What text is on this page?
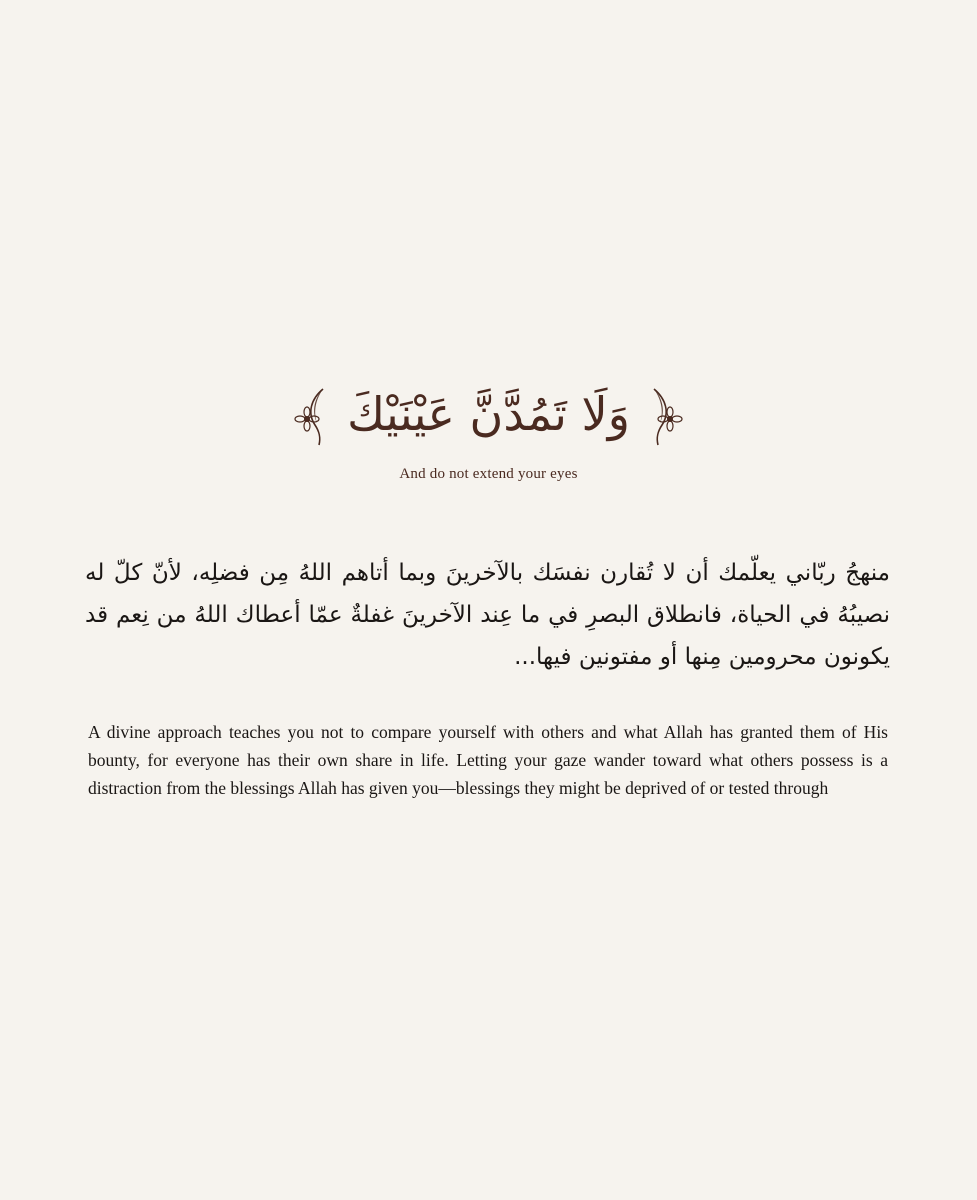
وَلَا تَمُدَّنَّ عَيْنَيْكَ
And do not extend your eyes

منهجُ ربّاني يعلّمك أن لا تُقارن نفسَك بالآخرينَ وبما أتاهم اللهُ مِن فضلِه، لأنّ كلّ له نصيبُهُ في الحياة، فانطلاق البصرِ في ما عِند الآخرينَ غفلةٌ عمّا أعطاك اللهُ من نِعم قد يكونون محرومين مِنها أو مفتونين فيها...

A divine approach teaches you not to compare yourself with others and what Allah has granted them of His bounty, for everyone has their own share in life. Letting your gaze wander toward what others possess is a distraction from the blessings Allah has given you—blessings they might be deprived of or tested through
